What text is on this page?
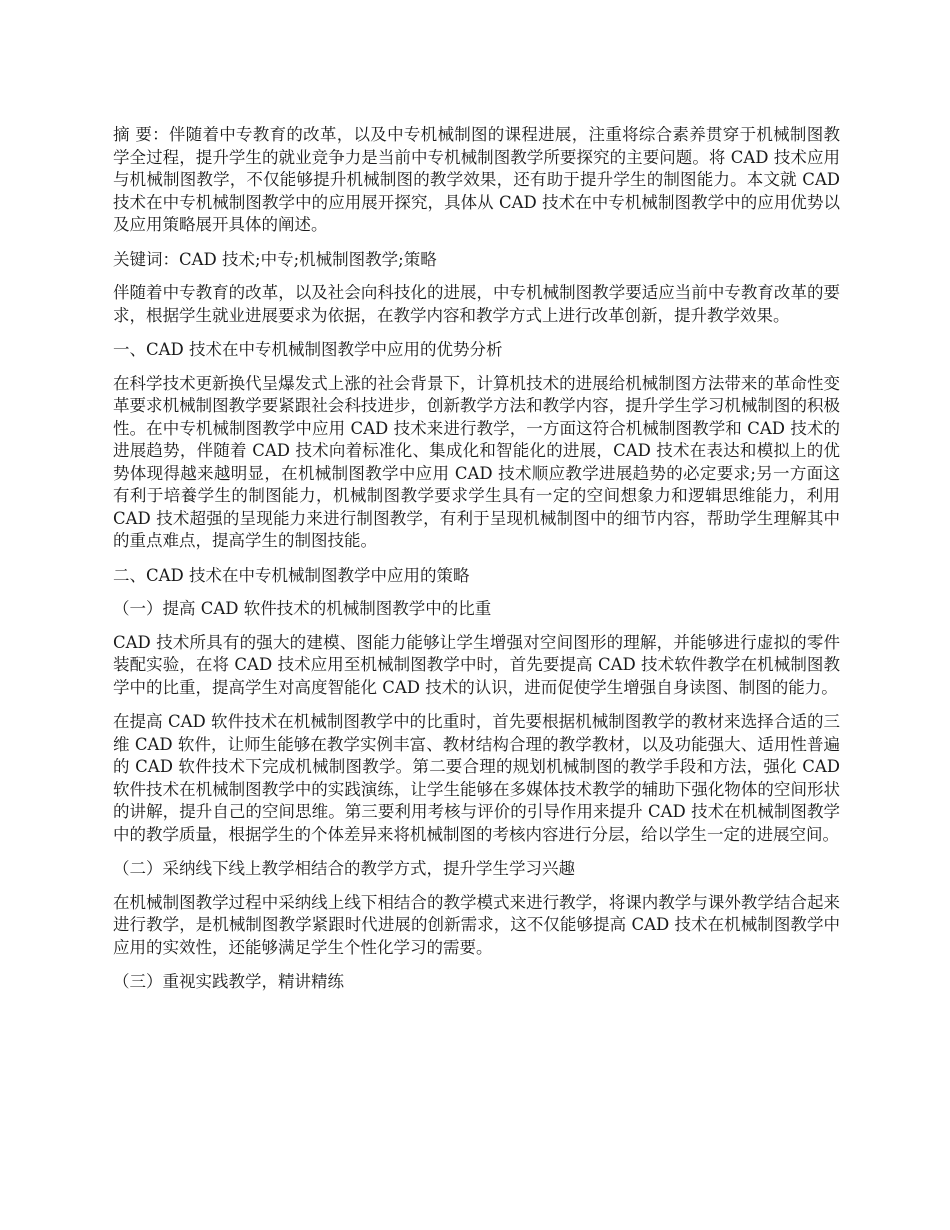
摘 要：伴随着中专教育的改革，以及中专机械制图的课程进展，注重将综合素养贯穿于机械制图教学全过程，提升学生的就业竞争力是当前中专机械制图教学所要探究的主要问题。将 CAD 技术应用与机械制图教学，不仅能够提升机械制图的教学效果，还有助于提升学生的制图能力。本文就 CAD 技术在中专机械制图教学中的应用展开探究，具体从 CAD 技术在中专机械制图教学中的应用优势以及应用策略展开具体的阐述。

关键词：CAD 技术;中专;机械制图教学;策略

伴随着中专教育的改革，以及社会向科技化的进展，中专机械制图教学要适应当前中专教育改革的要求，根据学生就业进展要求为依据，在教学内容和教学方式上进行改革创新，提升教学效果。

一、CAD 技术在中专机械制图教学中应用的优势分析

在科学技术更新换代呈爆发式上涨的社会背景下，计算机技术的进展给机械制图方法带来的革命性变革要求机械制图教学要紧跟社会科技进步，创新教学方法和教学内容，提升学生学习机械制图的积极性。在中专机械制图教学中应用 CAD 技术来进行教学，一方面这符合机械制图教学和 CAD 技术的进展趋势，伴随着 CAD 技术向着标准化、集成化和智能化的进展，CAD 技术在表达和模拟上的优势体现得越来越明显，在机械制图教学中应用 CAD 技术顺应教学进展趋势的必定要求;另一方面这有利于培養学生的制图能力，机械制图教学要求学生具有一定的空间想象力和逻辑思维能力，利用 CAD 技术超强的呈现能力来进行制图教学，有利于呈现机械制图中的细节内容，帮助学生理解其中的重点难点，提高学生的制图技能。

二、CAD 技术在中专机械制图教学中应用的策略

（一）提高 CAD 软件技术的机械制图教学中的比重

CAD 技术所具有的强大的建模、图能力能够让学生增强对空间图形的理解，并能够进行虚拟的零件装配实验，在将 CAD 技术应用至机械制图教学中时，首先要提高 CAD 技术软件教学在机械制图教学中的比重，提高学生对高度智能化 CAD 技术的认识，进而促使学生增强自身读图、制图的能力。

在提高 CAD 软件技术在机械制图教学中的比重时，首先要根据机械制图教学的教材来选择合适的三维 CAD 软件，让师生能够在教学实例丰富、教材结构合理的教学教材，以及功能强大、适用性普遍的 CAD 软件技术下完成机械制图教学。第二要合理的规划机械制图的教学手段和方法，强化 CAD 软件技术在机械制图教学中的实践演练，让学生能够在多媒体技术教学的辅助下强化物体的空间形状的讲解，提升自己的空间思维。第三要利用考核与评价的引导作用来提升 CAD 技术在机械制图教学中的教学质量，根据学生的个体差异来将机械制图的考核内容进行分层，给以学生一定的进展空间。

（二）采纳线下线上教学相结合的教学方式，提升学生学习兴趣

在机械制图教学过程中采纳线上线下相结合的教学模式来进行教学，将课内教学与课外教学结合起来进行教学，是机械制图教学紧跟时代进展的创新需求，这不仅能够提高 CAD 技术在机械制图教学中应用的实效性，还能够满足学生个性化学习的需要。

（三）重视实践教学，精讲精练
